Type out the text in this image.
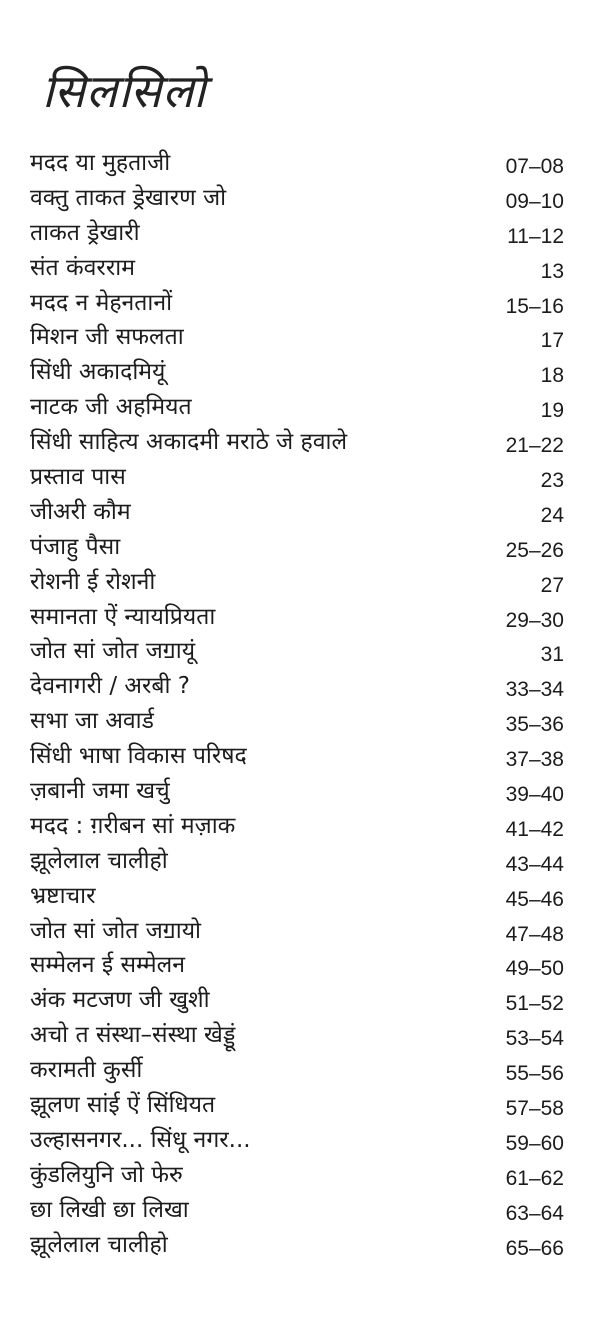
सिलसिलो
मदद या मुहताजी	07–08
वक्तु ताकत ड्रेखारण जो	09–10
ताकत ड्रेखारी	11–12
संत कंवरराम	13
मदद न मेहनतानों	15–16
मिशन जी सफलता	17
सिंधी अकादमियूं	18
नाटक जी अहमियत	19
सिंधी साहित्य अकादमी मराठे जे हवाले	21–22
प्रस्ताव पास	23
जीअरी कौम	24
पंजाहु पैसा	25–26
रोशनी ई रोशनी	27
समानता ऐं न्यायप्रियता	29–30
जोत सां जोत जॻायूं	31
देवनागरी / अरबी ?	33–34
सभा जा अवार्ड	35–36
सिंधी भाषा विकास परिषद	37–38
ज़बानी जमा खर्चु	39–40
मदद : ग़रीबन सां मज़ाक	41–42
झूलेलाल चालीहो	43–44
भ्रष्टाचार	45–46
जोत सां जोत जॻायो	47–48
सम्मेलन ई सम्मेलन	49–50
अंक मटजण जी खुशी	51–52
अचो त संस्था–संस्था खेड्डूं	53–54
करामती कुर्सी	55–56
झूलण सांई ऐं सिंधियत	57–58
उल्हासनगर... सिंधू नगर...	59–60
कुंडलियुनि जो फेरु	61–62
छा लिखी छा लिखा	63–64
झूलेलाल चालीहो	65–66
